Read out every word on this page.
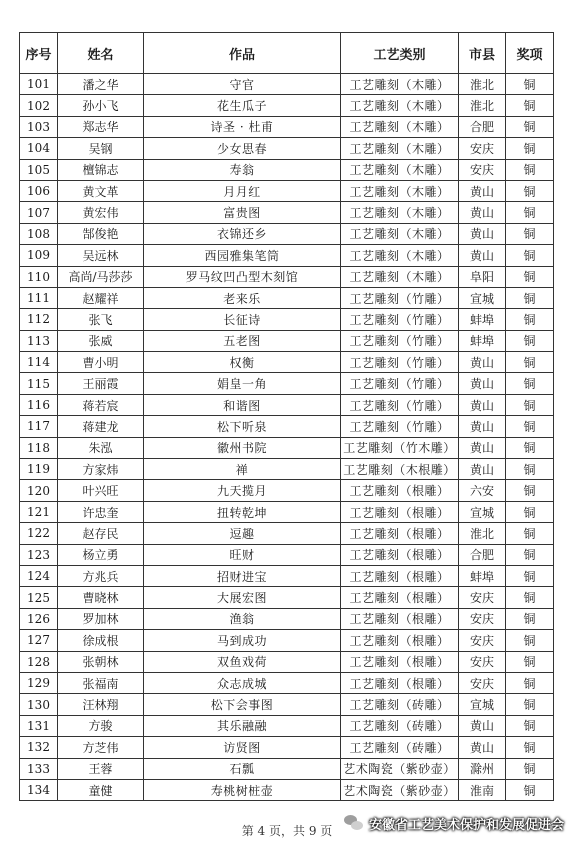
序号	姓名	作品	工艺类别	市县	奖项
101	潘之华	守官	工艺雕刻（木雕）	淮北	铜
102	孙小飞	花生瓜子	工艺雕刻（木雕）	淮北	铜
103	郑志华	诗圣 · 杜甫	工艺雕刻（木雕）	合肥	铜
104	吴钢	少女思春	工艺雕刻（木雕）	安庆	铜
105	檀锦志	寿翁	工艺雕刻（木雕）	安庆	铜
106	黄文革	月月红	工艺雕刻（木雕）	黄山	铜
107	黄宏伟	富贵图	工艺雕刻（木雕）	黄山	铜
108	郜俊艳	衣锦还乡	工艺雕刻（木雕）	黄山	铜
109	吴远林	西园雅集笔筒	工艺雕刻（木雕）	黄山	铜
110	高尚/马莎莎	罗马纹凹凸型木刻馆	工艺雕刻（木雕）	阜阳	铜
111	赵耀祥	老来乐	工艺雕刻（竹雕）	宣城	铜
112	张飞	长征诗	工艺雕刻（竹雕）	蚌埠	铜
113	张威	五老图	工艺雕刻（竹雕）	蚌埠	铜
114	曹小明	权衡	工艺雕刻（竹雕）	黄山	铜
115	王丽霞	娟皇一角	工艺雕刻（竹雕）	黄山	铜
116	蒋若宸	和谐图	工艺雕刻（竹雕）	黄山	铜
117	蒋建龙	松下听泉	工艺雕刻（竹雕）	黄山	铜
118	朱泓	徽州书院	工艺雕刻（竹木雕）	黄山	铜
119	方家炜	禅	工艺雕刻（木根雕）	黄山	铜
120	叶兴旺	九天揽月	工艺雕刻（根雕）	六安	铜
121	许忠奎	扭转乾坤	工艺雕刻（根雕）	宣城	铜
122	赵存民	逗趣	工艺雕刻（根雕）	淮北	铜
123	杨立勇	旺财	工艺雕刻（根雕）	合肥	铜
124	方兆兵	招财进宝	工艺雕刻（根雕）	蚌埠	铜
125	曹晓林	大展宏图	工艺雕刻（根雕）	安庆	铜
126	罗加林	渔翁	工艺雕刻（根雕）	安庆	铜
127	徐成根	马到成功	工艺雕刻（根雕）	安庆	铜
128	张朝林	双鱼戏荷	工艺雕刻（根雕）	安庆	铜
129	张福南	众志成城	工艺雕刻（根雕）	安庆	铜
130	汪林翔	松下会事图	工艺雕刻（砖雕）	宣城	铜
131	方骏	其乐融融	工艺雕刻（砖雕）	黄山	铜
132	方芝伟	访贤图	工艺雕刻（砖雕）	黄山	铜
133	王蓉	石瓢	艺术陶瓷（紫砂壶）	滁州	铜
134	童健	寿桃树桩壶	艺术陶瓷（紫砂壶）	淮南	铜
第 4 页，共 9 页	安徽省工艺美术保护和发展促进会
